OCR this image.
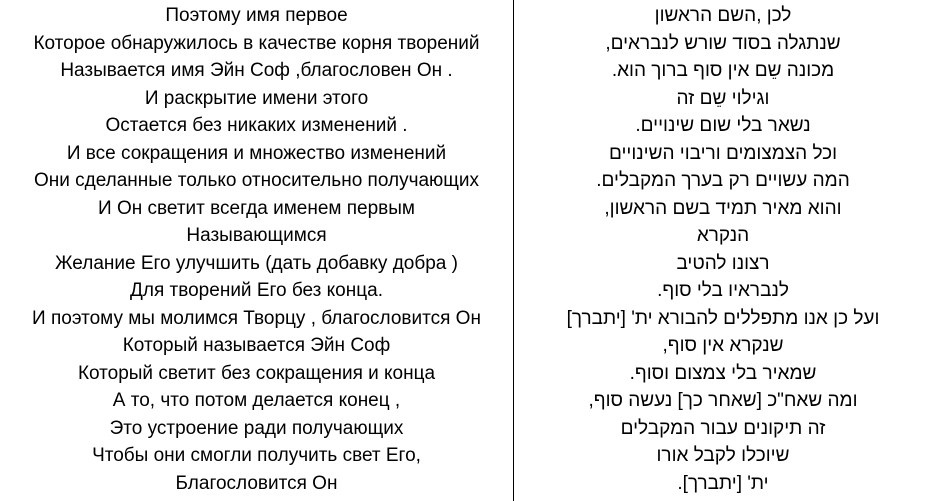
Поэтому имя первое
Которое обнаружилось в качестве корня творений
Называется имя Эйн Соф ,благословен Он .
И раскрытие имени этого
Остается без никаких изменений .
И все сокращения и множество изменений
Они сделанные только относительно получающих
И Он светит всегда именем первым
Называющимся
Желание Его улучшить (дать добавку добра )
Для творений Его без конца.
И поэтому мы молимся Творцу , благословится Он
Который называется Эйн Соф
Который светит без сокращения и конца
А то, что потом делается конец ,
Это устроение ради получающих
Чтобы они смогли получить свет Его,
Благословится Он
לכן ,השם הראשון
שנתגלה בסוד שורש לנבראים,
מכונה שֵם אין סוף ברוך הוא.
וגילוי שֵם זה
נשאר בלי שום שינויים.
וכל הצמצומים וריבוי השינויים
המה עשויים רק בערך המקבלים.
והוא מאיר תמיד בשם הראשון,
הנקרא
רצונו להטיב
לנבראיו בלי סוף.
ועל כן אנו מתפללים להבורא ית' [יתברך]
שנקרא אין סוף,
שמאיר בלי צמצום וסוף.
ומה שאח"כ [שאחר כך] נעשה סוף,
זה תיקונים עבור המקבלים
שיוכלו לקבל אורו
ית' [יתברך].
